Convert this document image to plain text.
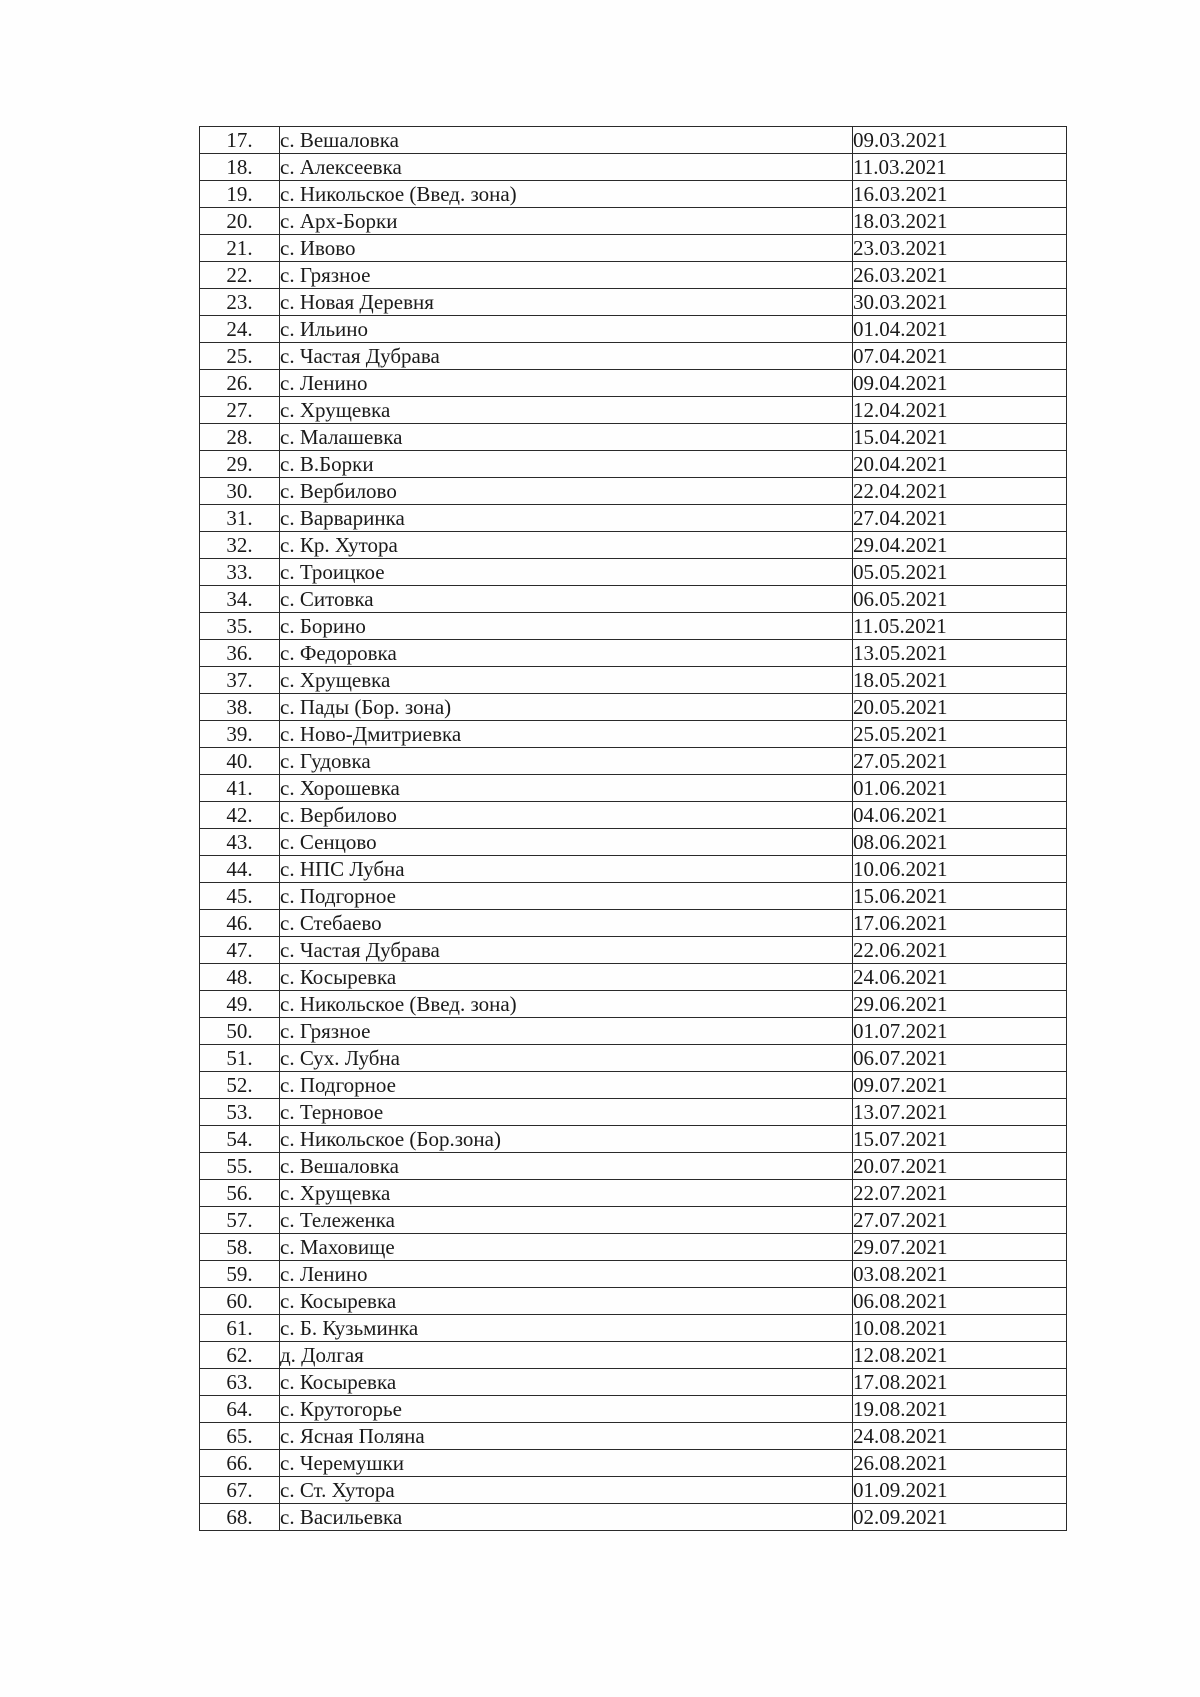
17.	с. Вешаловка	09.03.2021
18.	с. Алексеевка	11.03.2021
19.	с. Никольское (Введ. зона)	16.03.2021
20.	с. Арх-Борки	18.03.2021
21.	с. Ивово	23.03.2021
22.	с. Грязное	26.03.2021
23.	с. Новая Деревня	30.03.2021
24.	с. Ильино	01.04.2021
25.	с. Частая Дубрава	07.04.2021
26.	с. Ленино	09.04.2021
27.	с. Хрущевка	12.04.2021
28.	с. Малашевка	15.04.2021
29.	с. В.Борки	20.04.2021
30.	с. Вербилово	22.04.2021
31.	с. Варваринка	27.04.2021
32.	с. Кр. Хутора	29.04.2021
33.	с. Троицкое	05.05.2021
34.	с. Ситовка	06.05.2021
35.	с. Борино	11.05.2021
36.	с. Федоровка	13.05.2021
37.	с. Хрущевка	18.05.2021
38.	с. Пады (Бор. зона)	20.05.2021
39.	с. Ново-Дмитриевка	25.05.2021
40.	с. Гудовка	27.05.2021
41.	с. Хорошевка	01.06.2021
42.	с. Вербилово	04.06.2021
43.	с. Сенцово	08.06.2021
44.	с. НПС Лубна	10.06.2021
45.	с. Подгорное	15.06.2021
46.	с. Стебаево	17.06.2021
47.	с. Частая Дубрава	22.06.2021
48.	с. Косыревка	24.06.2021
49.	с. Никольское (Введ. зона)	29.06.2021
50.	с. Грязное	01.07.2021
51.	с. Сух. Лубна	06.07.2021
52.	с. Подгорное	09.07.2021
53.	с. Терновое	13.07.2021
54.	с. Никольское (Бор.зона)	15.07.2021
55.	с. Вешаловка	20.07.2021
56.	с. Хрущевка	22.07.2021
57.	с. Тележенка	27.07.2021
58.	с. Маховище	29.07.2021
59.	с. Ленино	03.08.2021
60.	с. Косыревка	06.08.2021
61.	с. Б. Кузьминка	10.08.2021
62.	д. Долгая	12.08.2021
63.	с. Косыревка	17.08.2021
64.	с. Крутогорье	19.08.2021
65.	с. Ясная Поляна	24.08.2021
66.	с. Черемушки	26.08.2021
67.	с. Ст. Хутора	01.09.2021
68.	с. Васильевка	02.09.2021
